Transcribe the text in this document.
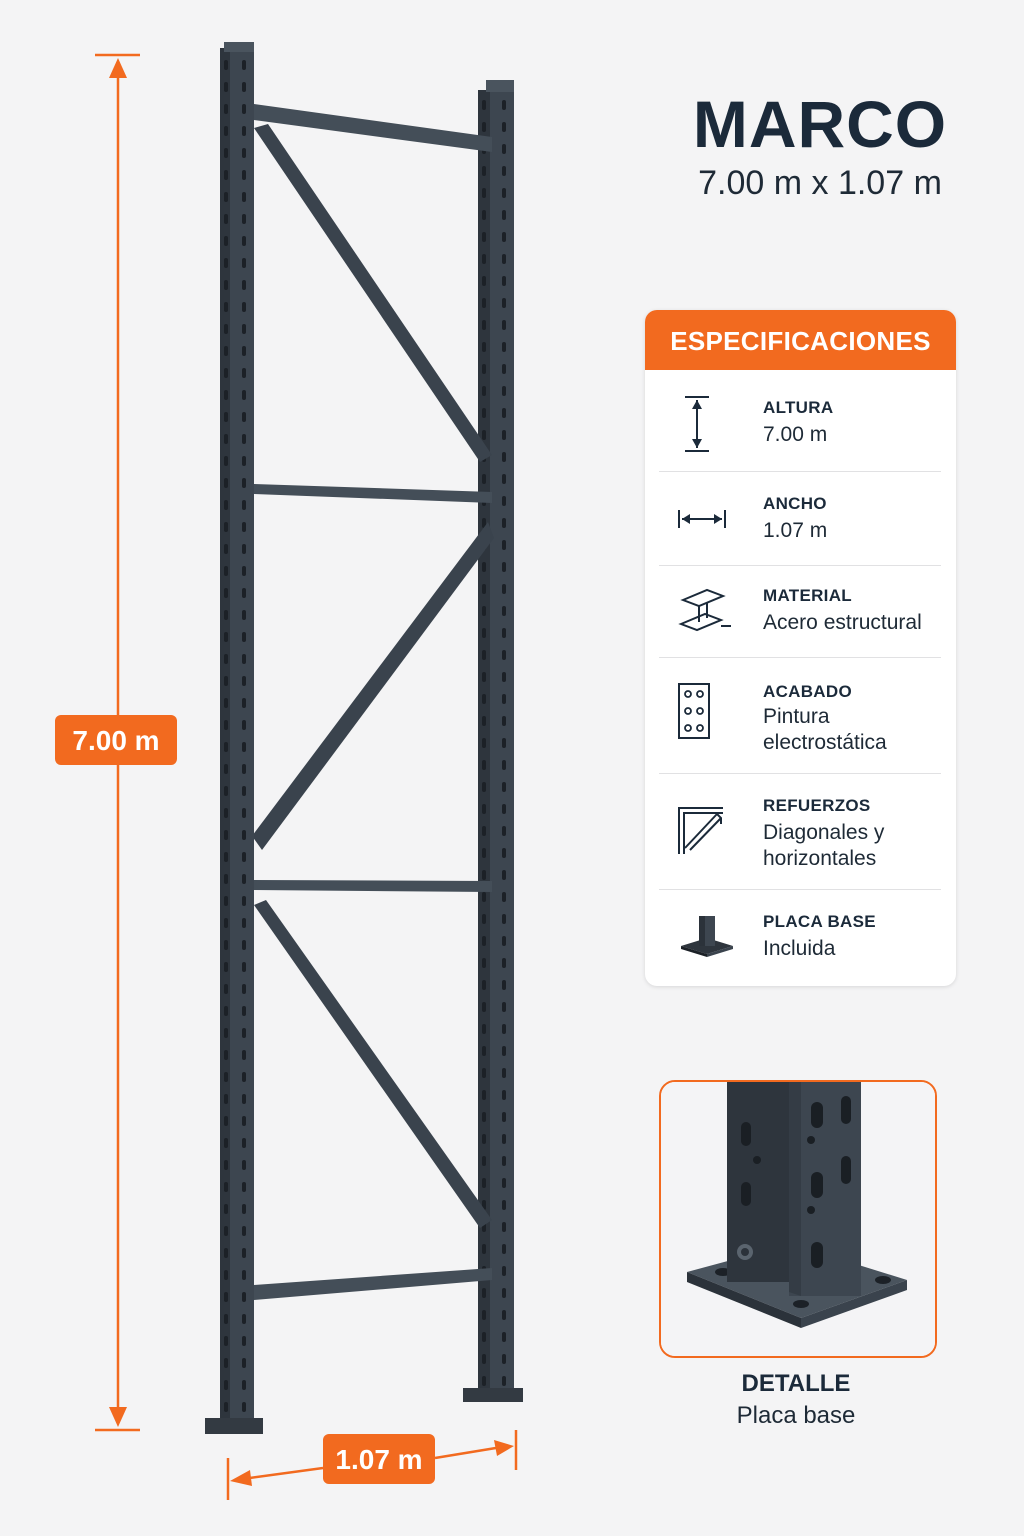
7.00 m
1.07 m
MARCO
7.00 m x 1.07 m
ESPECIFICACIONES
ALTURA
7.00 m
ANCHO
1.07 m
MATERIAL
Acero estructural
ACABADO
Pintura electrostática
REFUERZOS
Diagonales y horizontales
PLACA BASE
Incluida
DETALLE
Placa base
